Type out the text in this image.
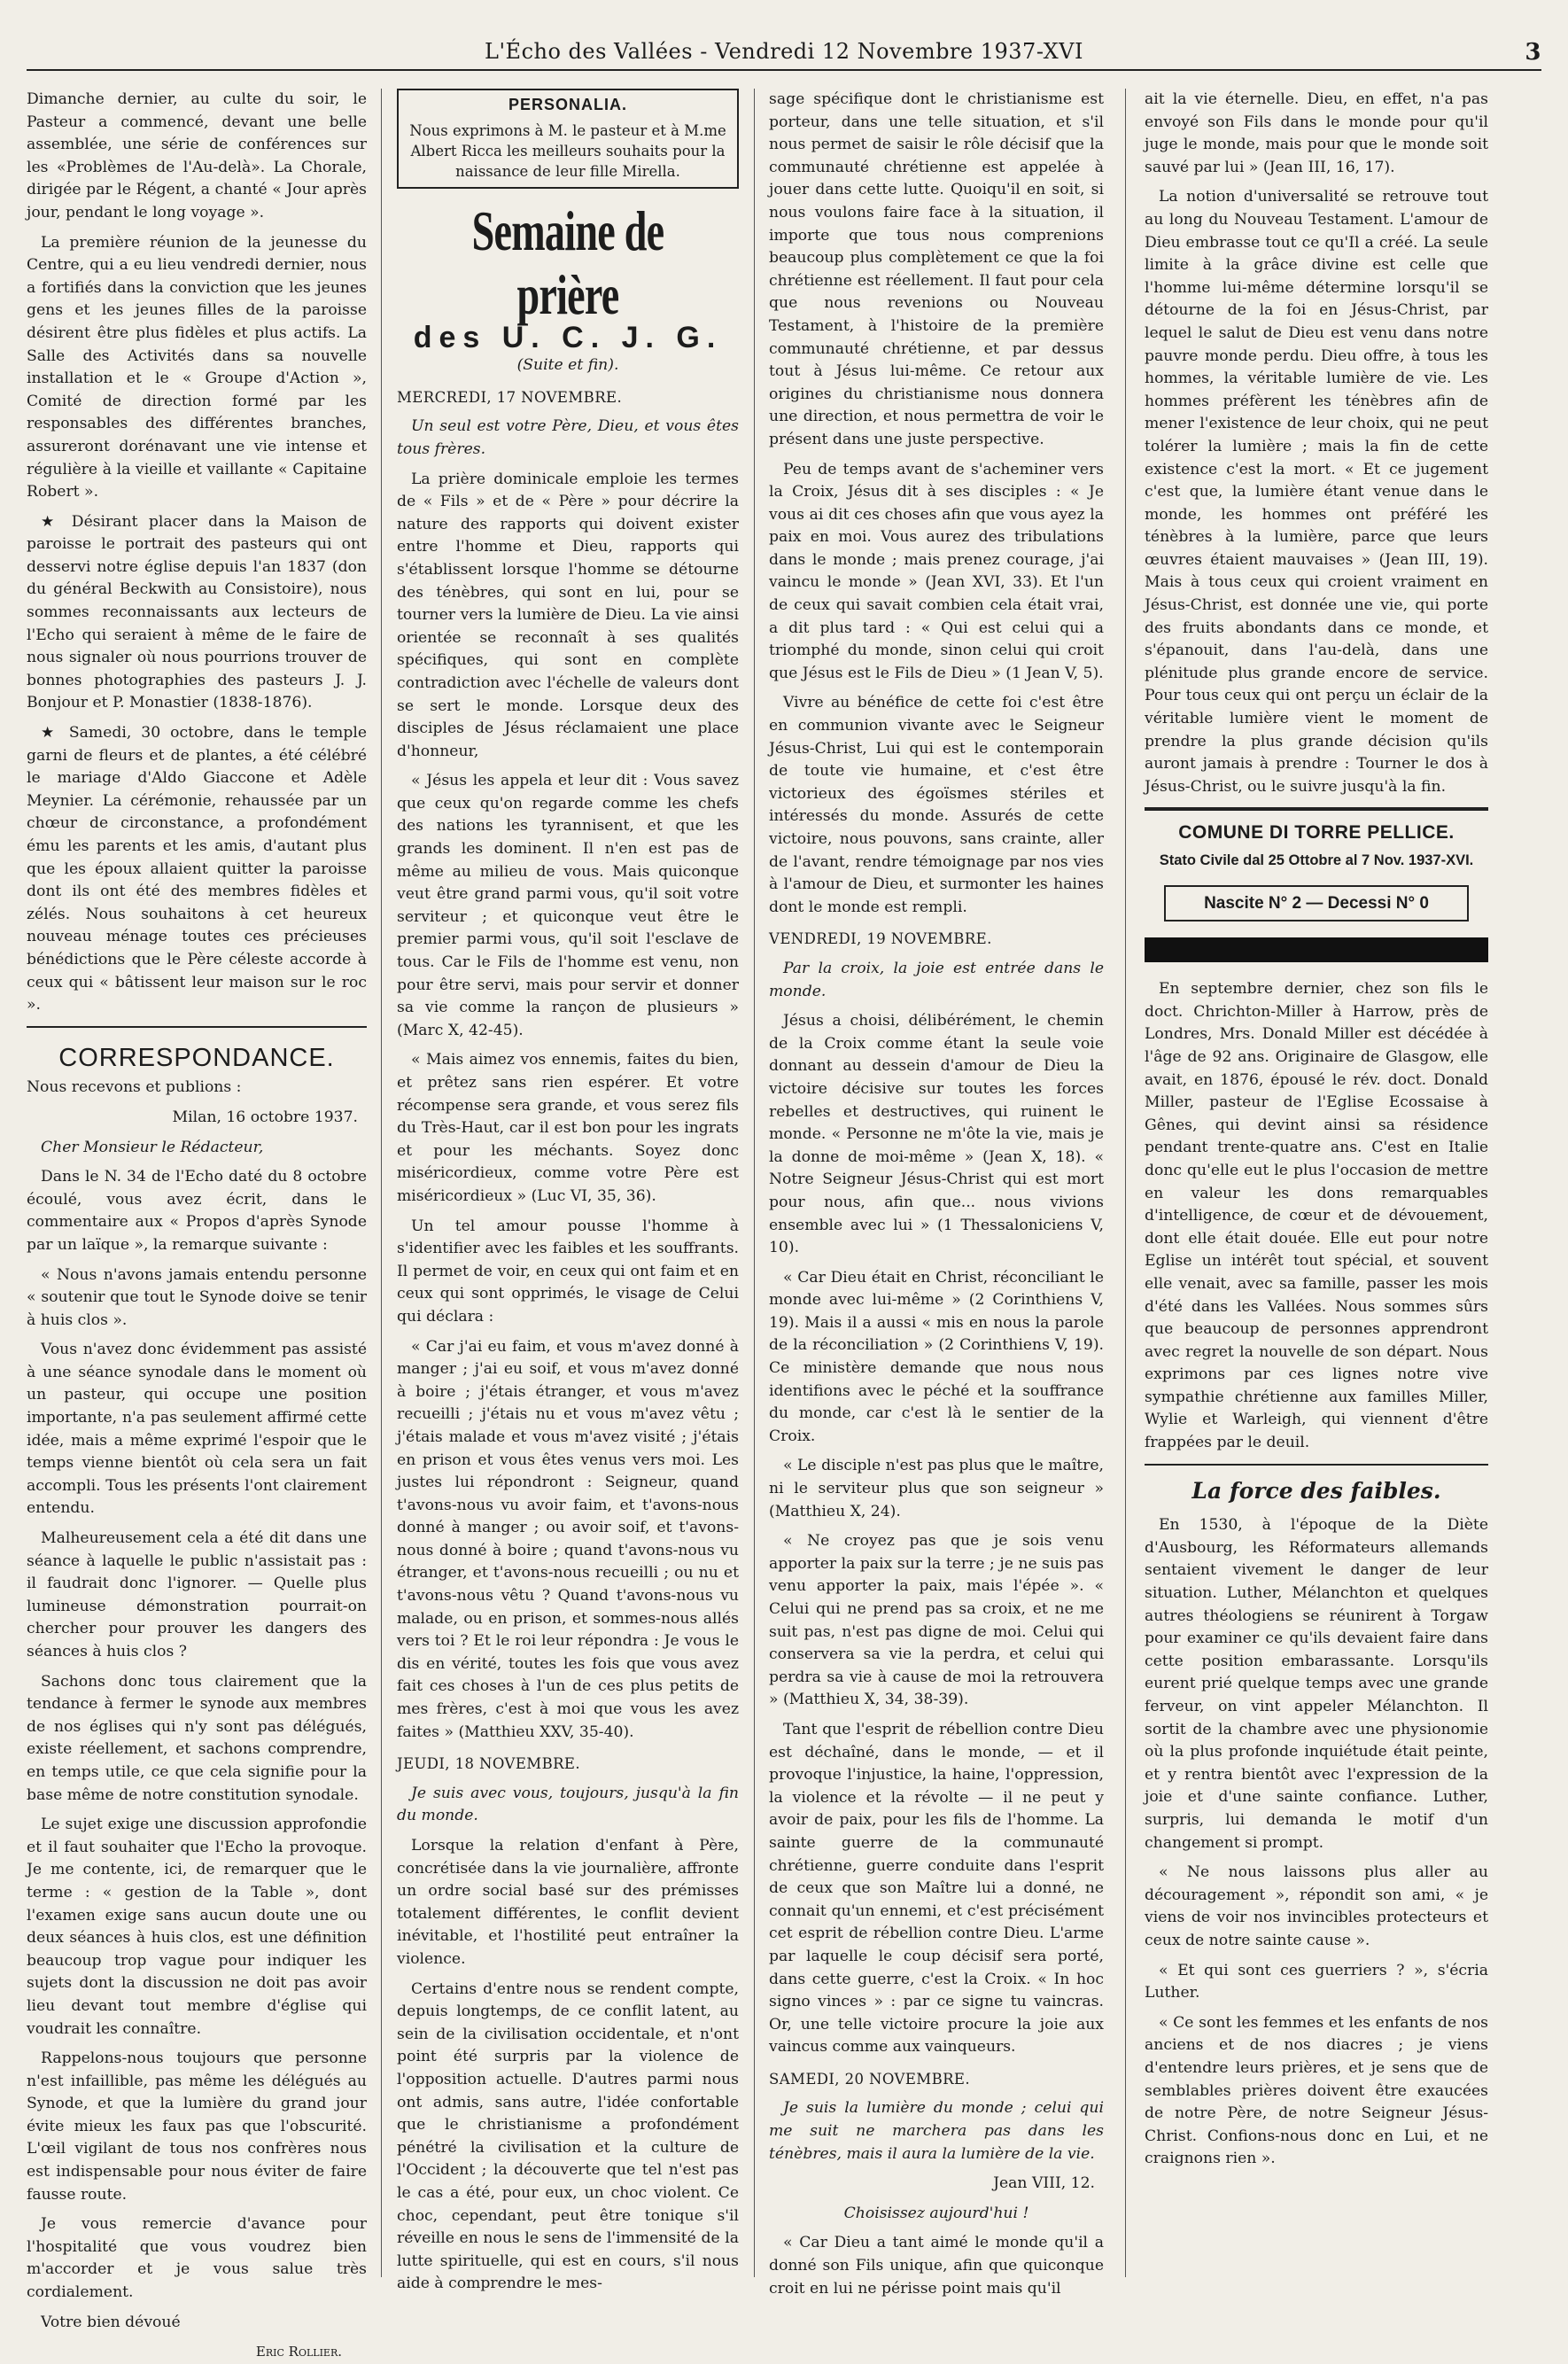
L'Écho des Vallées - Vendredi 12 Novembre 1937-XVI	3

Dimanche dernier, au culte du soir, le Pasteur a commencé, devant une belle assemblée, une série de conférences sur les «Problèmes de l'Au-delà». La Chorale, dirigée par le Régent, a chanté « Jour après jour, pendant le long voyage ».

La première réunion de la jeunesse du Centre, qui a eu lieu vendredi dernier, nous a fortifiés dans la conviction que les jeunes gens et les jeunes filles de la paroisse désirent être plus fidèles et plus actifs. La Salle des Activités dans sa nouvelle installation et le « Groupe d'Action », Comité de direction formé par les responsables des différentes branches, assureront dorénavant une vie intense et régulière à la vieille et vaillante « Capitaine Robert ».

★ Désirant placer dans la Maison de paroisse le portrait des pasteurs qui ont desservi notre église depuis l'an 1837 (don du général Beckwith au Consistoire), nous sommes reconnaissants aux lecteurs de l'Echo qui seraient à même de le faire de nous signaler où nous pourrions trouver de bonnes photographies des pasteurs J. J. Bonjour et P. Monastier (1838-1876).

★ Samedi, 30 octobre, dans le temple garni de fleurs et de plantes, a été célébré le mariage d'Aldo Giaccone et Adèle Meynier. La cérémonie, rehaussée par un chœur de circonstance, a profondément ému les parents et les amis, d'autant plus que les époux allaient quitter la paroisse dont ils ont été des membres fidèles et zélés. Nous souhaitons à cet heureux nouveau ménage toutes ces précieuses bénédictions que le Père céleste accorde à ceux qui « bâtissent leur maison sur le roc ».

CORRESPONDANCE.

Nous recevons et publions :

Milan, 16 octobre 1937.

Cher Monsieur le Rédacteur,

Dans le N. 34 de l'Echo daté du 8 octobre écoulé, vous avez écrit, dans le commentaire aux « Propos d'après Synode par un laïque », la remarque suivante :

« Nous n'avons jamais entendu personne « soutenir que tout le Synode doive se tenir à huis clos ».

Vous n'avez donc évidemment pas assisté à une séance synodale dans le moment où un pasteur, qui occupe une position importante, n'a pas seulement affirmé cette idée, mais a même exprimé l'espoir que le temps vienne bientôt où cela sera un fait accompli. Tous les présents l'ont clairement entendu.

Malheureusement cela a été dit dans une séance à laquelle le public n'assistait pas : il faudrait donc l'ignorer. — Quelle plus lumineuse démonstration pourrait-on chercher pour prouver les dangers des séances à huis clos ?

Sachons donc tous clairement que la tendance à fermer le synode aux membres de nos églises qui n'y sont pas délégués, existe réellement, et sachons comprendre, en temps utile, ce que cela signifie pour la base même de notre constitution synodale.

Le sujet exige une discussion approfondie et il faut souhaiter que l'Echo la provoque. Je me contente, ici, de remarquer que le terme : « gestion de la Table », dont l'examen exige sans aucun doute une ou deux séances à huis clos, est une définition beaucoup trop vague pour indiquer les sujets dont la discussion ne doit pas avoir lieu devant tout membre d'église qui voudrait les connaître.

Rappelons-nous toujours que personne n'est infaillible, pas même les délégués au Synode, et que la lumière du grand jour évite mieux les faux pas que l'obscurité. L'œil vigilant de tous nos confrères nous est indispensable pour nous éviter de faire fausse route.

Je vous remercie d'avance pour l'hospitalité que vous voudrez bien m'accorder et je vous salue très cordialement.

Votre bien dévoué

Eric Rollier.

PERSONALIA.

Nous exprimons à M. le pasteur et à M.me Albert Ricca les meilleurs souhaits pour la naissance de leur fille Mirella.

Semaine de prière
des U. C. J. G.

(Suite et fin).

MERCREDI, 17 NOVEMBRE.

Un seul est votre Père, Dieu, et vous êtes tous frères.

La prière dominicale emploie les termes de « Fils » et de « Père » pour décrire la nature des rapports qui doivent exister entre l'homme et Dieu, rapports qui s'établissent lorsque l'homme se détourne des ténèbres, qui sont en lui, pour se tourner vers la lumière de Dieu. La vie ainsi orientée se reconnaît à ses qualités spécifiques, qui sont en complète contradiction avec l'échelle de valeurs dont se sert le monde. Lorsque deux des disciples de Jésus réclamaient une place d'honneur,

« Jésus les appela et leur dit : Vous savez que ceux qu'on regarde comme les chefs des nations les tyrannisent, et que les grands les dominent. Il n'en est pas de même au milieu de vous. Mais quiconque veut être grand parmi vous, qu'il soit votre serviteur ; et quiconque veut être le premier parmi vous, qu'il soit l'esclave de tous. Car le Fils de l'homme est venu, non pour être servi, mais pour servir et donner sa vie comme la rançon de plusieurs » (Marc X, 42-45).

« Mais aimez vos ennemis, faites du bien, et prêtez sans rien espérer. Et votre récompense sera grande, et vous serez fils du Très-Haut, car il est bon pour les ingrats et pour les méchants. Soyez donc miséricordieux, comme votre Père est miséricordieux » (Luc VI, 35, 36).

Un tel amour pousse l'homme à s'identifier avec les faibles et les souffrants. Il permet de voir, en ceux qui ont faim et en ceux qui sont opprimés, le visage de Celui qui déclara :

« Car j'ai eu faim, et vous m'avez donné à manger ; j'ai eu soif, et vous m'avez donné à boire ; j'étais étranger, et vous m'avez recueilli ; j'étais nu et vous m'avez vêtu ; j'étais malade et vous m'avez visité ; j'étais en prison et vous êtes venus vers moi. Les justes lui répondront : Seigneur, quand t'avons-nous vu avoir faim, et t'avons-nous donné à manger ; ou avoir soif, et t'avons-nous donné à boire ; quand t'avons-nous vu étranger, et t'avons-nous recueilli ; ou nu et t'avons-nous vêtu ? Quand t'avons-nous vu malade, ou en prison, et sommes-nous allés vers toi ? Et le roi leur répondra : Je vous le dis en vérité, toutes les fois que vous avez fait ces choses à l'un de ces plus petits de mes frères, c'est à moi que vous les avez faites » (Matthieu XXV, 35-40).

JEUDI, 18 NOVEMBRE.

Je suis avec vous, toujours, jusqu'à la fin du monde.

Lorsque la relation d'enfant à Père, concrétisée dans la vie journalière, affronte un ordre social basé sur des prémisses totalement différentes, le conflit devient inévitable, et l'hostilité peut entraîner la violence.

Certains d'entre nous se rendent compte, depuis longtemps, de ce conflit latent, au sein de la civilisation occidentale, et n'ont point été surpris par la violence de l'opposition actuelle. D'autres parmi nous ont admis, sans autre, l'idée confortable que le christianisme a profondément pénétré la civilisation et la culture de l'Occident ; la découverte que tel n'est pas le cas a été, pour eux, un choc violent. Ce choc, cependant, peut être tonique s'il réveille en nous le sens de l'immensité de la lutte spirituelle, qui est en cours, s'il nous aide à comprendre le mes-

sage spécifique dont le christianisme est porteur, dans une telle situation, et s'il nous permet de saisir le rôle décisif que la communauté chrétienne est appelée à jouer dans cette lutte. Quoiqu'il en soit, si nous voulons faire face à la situation, il importe que tous nous comprenions beaucoup plus complètement ce que la foi chrétienne est réellement. Il faut pour cela que nous revenions ou Nouveau Testament, à l'histoire de la première communauté chrétienne, et par dessus tout à Jésus lui-même. Ce retour aux origines du christianisme nous donnera une direction, et nous permettra de voir le présent dans une juste perspective.

Peu de temps avant de s'acheminer vers la Croix, Jésus dit à ses disciples : « Je vous ai dit ces choses afin que vous ayez la paix en moi. Vous aurez des tribulations dans le monde ; mais prenez courage, j'ai vaincu le monde » (Jean XVI, 33). Et l'un de ceux qui savait combien cela était vrai, a dit plus tard : « Qui est celui qui a triomphé du monde, sinon celui qui croit que Jésus est le Fils de Dieu » (1 Jean V, 5).

Vivre au bénéfice de cette foi c'est être en communion vivante avec le Seigneur Jésus-Christ, Lui qui est le contemporain de toute vie humaine, et c'est être victorieux des égoïsmes stériles et intéressés du monde. Assurés de cette victoire, nous pouvons, sans crainte, aller de l'avant, rendre témoignage par nos vies à l'amour de Dieu, et surmonter les haines dont le monde est rempli.

VENDREDI, 19 NOVEMBRE.

Par la croix, la joie est entrée dans le monde.

Jésus a choisi, délibérément, le chemin de la Croix comme étant la seule voie donnant au dessein d'amour de Dieu la victoire décisive sur toutes les forces rebelles et destructives, qui ruinent le monde. « Personne ne m'ôte la vie, mais je la donne de moi-même » (Jean X, 18). « Notre Seigneur Jésus-Christ qui est mort pour nous, afin que... nous vivions ensemble avec lui » (1 Thessaloniciens V, 10).

« Car Dieu était en Christ, réconciliant le monde avec lui-même » (2 Corinthiens V, 19). Mais il a aussi « mis en nous la parole de la réconciliation » (2 Corinthiens V, 19). Ce ministère demande que nous nous identifions avec le péché et la souffrance du monde, car c'est là le sentier de la Croix.

« Le disciple n'est pas plus que le maître, ni le serviteur plus que son seigneur » (Matthieu X, 24).

« Ne croyez pas que je sois venu apporter la paix sur la terre ; je ne suis pas venu apporter la paix, mais l'épée ». « Celui qui ne prend pas sa croix, et ne me suit pas, n'est pas digne de moi. Celui qui conservera sa vie la perdra, et celui qui perdra sa vie à cause de moi la retrouvera » (Matthieu X, 34, 38-39).

Tant que l'esprit de rébellion contre Dieu est déchaîné, dans le monde, — et il provoque l'injustice, la haine, l'oppression, la violence et la révolte — il ne peut y avoir de paix, pour les fils de l'homme. La sainte guerre de la communauté chrétienne, guerre conduite dans l'esprit de ceux que son Maître lui a donné, ne connait qu'un ennemi, et c'est précisément cet esprit de rébellion contre Dieu. L'arme par laquelle le coup décisif sera porté, dans cette guerre, c'est la Croix. « In hoc signo vinces » : par ce signe tu vaincras. Or, une telle victoire procure la joie aux vaincus comme aux vainqueurs.

SAMEDI, 20 NOVEMBRE.

Je suis la lumière du monde ; celui qui me suit ne marchera pas dans les ténèbres, mais il aura la lumière de la vie.

Jean VIII, 12.

Choisissez aujourd'hui !

« Car Dieu a tant aimé le monde qu'il a donné son Fils unique, afin que quiconque croit en lui ne périsse point mais qu'il

ait la vie éternelle. Dieu, en effet, n'a pas envoyé son Fils dans le monde pour qu'il juge le monde, mais pour que le monde soit sauvé par lui » (Jean III, 16, 17).

La notion d'universalité se retrouve tout au long du Nouveau Testament. L'amour de Dieu embrasse tout ce qu'Il a créé. La seule limite à la grâce divine est celle que l'homme lui-même détermine lorsqu'il se détourne de la foi en Jésus-Christ, par lequel le salut de Dieu est venu dans notre pauvre monde perdu. Dieu offre, à tous les hommes, la véritable lumière de vie. Les hommes préfèrent les ténèbres afin de mener l'existence de leur choix, qui ne peut tolérer la lumière ; mais la fin de cette existence c'est la mort. « Et ce jugement c'est que, la lumière étant venue dans le monde, les hommes ont préféré les ténèbres à la lumière, parce que leurs œuvres étaient mauvaises » (Jean III, 19). Mais à tous ceux qui croient vraiment en Jésus-Christ, est donnée une vie, qui porte des fruits abondants dans ce monde, et s'épanouit, dans l'au-delà, dans une plénitude plus grande encore de service. Pour tous ceux qui ont perçu un éclair de la véritable lumière vient le moment de prendre la plus grande décision qu'ils auront jamais à prendre : Tourner le dos à Jésus-Christ, ou le suivre jusqu'à la fin.

COMUNE DI TORRE PELLICE.
Stato Civile dal 25 Ottobre al 7 Nov. 1937-XVI.
Nascite N° 2 — Decessi N° 0

En septembre dernier, chez son fils le doct. Chrichton-Miller à Harrow, près de Londres, Mrs. Donald Miller est décédée à l'âge de 92 ans. Originaire de Glasgow, elle avait, en 1876, épousé le rév. doct. Donald Miller, pasteur de l'Eglise Ecossaise à Gênes, qui devint ainsi sa résidence pendant trente-quatre ans. C'est en Italie donc qu'elle eut le plus l'occasion de mettre en valeur les dons remarquables d'intelligence, de cœur et de dévouement, dont elle était douée. Elle eut pour notre Eglise un intérêt tout spécial, et souvent elle venait, avec sa famille, passer les mois d'été dans les Vallées. Nous sommes sûrs que beaucoup de personnes apprendront avec regret la nouvelle de son départ. Nous exprimons par ces lignes notre vive sympathie chrétienne aux familles Miller, Wylie et Warleigh, qui viennent d'être frappées par le deuil.

La force des faibles.

En 1530, à l'époque de la Diète d'Ausbourg, les Réformateurs allemands sentaient vivement le danger de leur situation. Luther, Mélanchton et quelques autres théologiens se réunirent à Torgaw pour examiner ce qu'ils devaient faire dans cette position embarassante. Lorsqu'ils eurent prié quelque temps avec une grande ferveur, on vint appeler Mélanchton. Il sortit de la chambre avec une physionomie où la plus profonde inquiétude était peinte, et y rentra bientôt avec l'expression de la joie et d'une sainte confiance. Luther, surpris, lui demanda le motif d'un changement si prompt.

« Ne nous laissons plus aller au découragement », répondit son ami, « je viens de voir nos invincibles protecteurs et ceux de notre sainte cause ».

« Et qui sont ces guerriers ? », s'écria Luther.

« Ce sont les femmes et les enfants de nos anciens et de nos diacres ; je viens d'entendre leurs prières, et je sens que de semblables prières doivent être exaucées de notre Père, de notre Seigneur Jésus-Christ. Confions-nous donc en Lui, et ne craignons rien ».
